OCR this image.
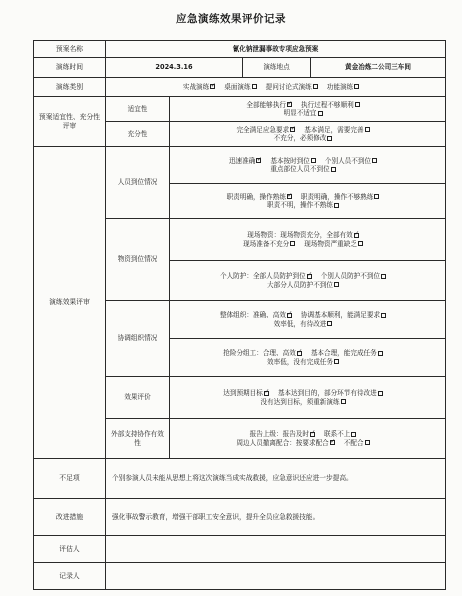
应急演练效果评价记录
预案名称	氰化钠泄漏事故专项应急预案			
演练时间	2024.3.16		演练地点	黄金冶炼二公司三车间
演练类别	实战演练 ✓ 桌面演练 提问讨论式演练 功能演练
预案适宜性、充分性评审	适宜性	全部能够执行 ✓ 执行过程不够顺利
明显不适宜

	充分性	完全满足应急要求 ✓ 基本满足，需要完善
不充分，必须修改

演练效果评审	人员到位情况	迅速准确 ✓ 基本按时到位 个别人员不到位
重点部位人员不到位

		职责明确，操作熟练 ✓ 职责明确，操作不够熟练
职责不明，操作不熟练

	物资到位情况	现场物资：现场物资充分，全部有效✓
现场准备不充分 现场物资严重缺乏

		个人防护：全部人员防护到位 ✓ 个别人员防护不到位
大部分人员防护不到位

	协调组织情况	整体组织：准确、高效 ✓ 协调基本顺利，能满足要求
效率低，有待改进

		抢险分组工：合理、高效 ✓ 基本合理，能完成任务
效率低，没有完成任务

	效果评价	达到预期目标 ✓ 基本达到目的，部分环节有待改进
没有达到目标，须重新演练

	外部支持协作有效性	报告上级：报告及时 ✓ 联系不上
周边人员撤离配合：按要求配合 ✓ 不配合

不足项	个别参演人员未能从思想上将这次演练当成实战救援，应急意识还应进一步提高。			
改进措施	强化事故警示教育，增强干部职工安全意识，提升全员应急救援技能。			
评估人				
记录人				
